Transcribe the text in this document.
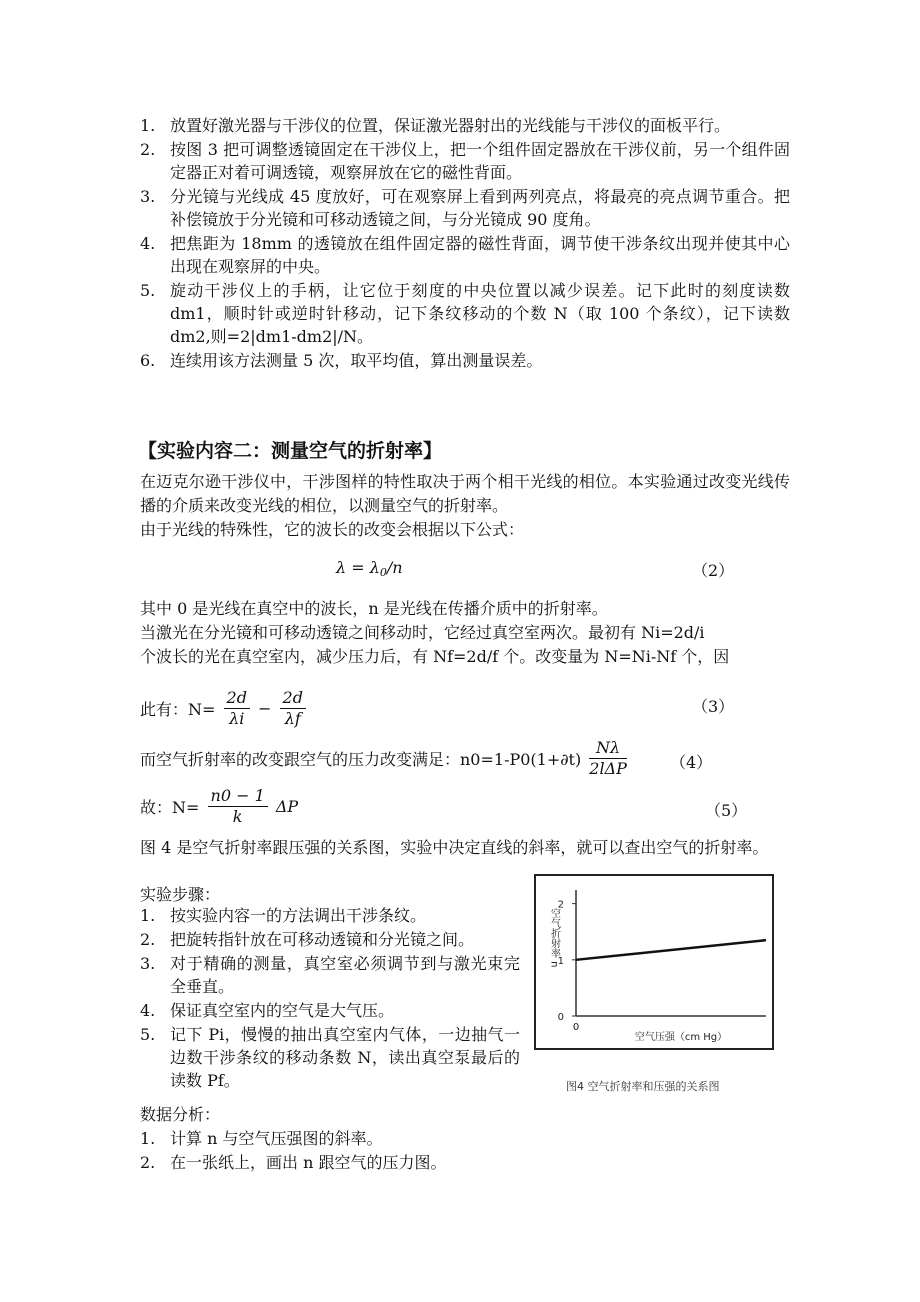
1. 放置好激光器与干涉仪的位置，保证激光器射出的光线能与干涉仪的面板平行。
2. 按图 3 把可调整透镜固定在干涉仪上，把一个组件固定器放在干涉仪前，另一个组件固定器正对着可调透镜，观察屏放在它的磁性背面。
3. 分光镜与光线成 45 度放好，可在观察屏上看到两列亮点，将最亮的亮点调节重合。把补偿镜放于分光镜和可移动透镜之间，与分光镜成 90 度角。
4. 把焦距为 18mm 的透镜放在组件固定器的磁性背面，调节使干涉条纹出现并使其中心出现在观察屏的中央。
5. 旋动干涉仪上的手柄，让它位于刻度的中央位置以减少误差。记下此时的刻度读数 dm1，顺时针或逆时针移动，记下条纹移动的个数 N（取 100 个条纹），记下读数 dm2,则=2|dm1-dm2|/N。
6. 连续用该方法测量 5 次，取平均值，算出测量误差。
【实验内容二：测量空气的折射率】

在迈克尔逊干涉仪中，干涉图样的特性取决于两个相干光线的相位。本实验通过改变光线传播的介质来改变光线的相位，以测量空气的折射率。

由于光线的特殊性，它的波长的改变会根据以下公式：

$\lambda = \lambda_0/n$	（2）

其中 0 是光线在真空中的波长，n 是光线在传播介质中的折射率。

当激光在分光镜和可移动透镜之间移动时，它经过真空室两次。最初有 Ni=2d/i

个波长的光在真空室内，减少压力后，有 Nf=2d/f 个。改变量为 N=Ni-Nf 个，因

此有：$N= \frac{2d}{\lambda i} - \frac{2d}{\lambda f}$	（3）
而空气折射率的改变跟空气的压力改变满足：$n0=1-P0(1+\partial t) \frac{N\lambda}{\text{2lΔP}}$	（4）
故：$N= \frac{n0 - 1}{k}$ ΔP	（5）

图 4 是空气折射率跟压强的关系图，实验中决定直线的斜率，就可以查出空气的折射率。

实验步骤：

1. 按实验内容一的方法调出干涉条纹。
2. 把旋转指针放在可移动透镜和分光镜之间。
3. 对于精确的测量，真空室必须调节到与激光束完全垂直。
4. 保证真空室内的空气是大气压。
5. 记下 Pi，慢慢的抽出真空室内气体，一边抽气一边数干涉条纹的移动条数 N，读出真空泵最后的读数 Pf。

数据分析：

1. 计算 n 与空气压强图的斜率。
2. 在一张纸上，画出 n 跟空气的压力图。
0
1
2
0
空气折射率 n
空气压强（cm Hg）
图4 空气折射率和压强的关系图
